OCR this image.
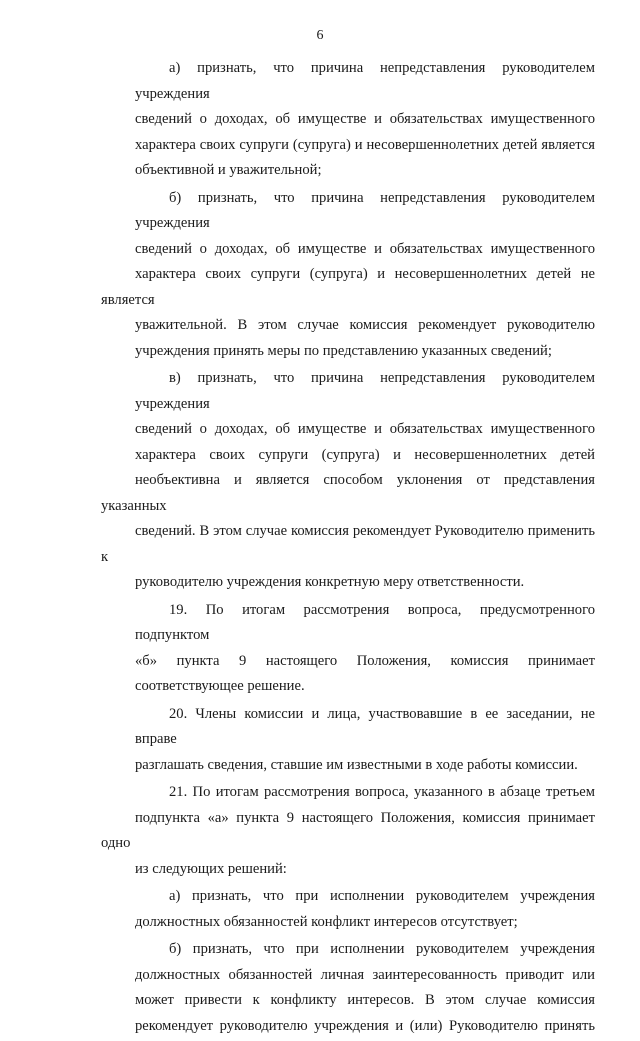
6
а) признать, что причина непредставления руководителем учреждения
сведений о доходах, об имуществе и обязательствах имущественного
характера своих супруги (супруга) и несовершеннолетних детей является
объективной и уважительной;
б) признать, что причина непредставления руководителем учреждения
сведений о доходах, об имуществе и обязательствах имущественного
характера своих супруги (супруга) и несовершеннолетних детей не является
уважительной. В этом случае комиссия рекомендует руководителю
учреждения принять меры по представлению указанных сведений;
в) признать, что причина непредставления руководителем учреждения
сведений о доходах, об имуществе и обязательствах имущественного
характера своих супруги (супруга) и несовершеннолетних детей
необъективна и является способом уклонения от представления указанных
сведений. В этом случае комиссия рекомендует Руководителю применить к
руководителю учреждения конкретную меру ответственности.
19. По итогам рассмотрения вопроса, предусмотренного подпунктом
«б» пункта 9 настоящего Положения, комиссия принимает
соответствующее решение.
20. Члены комиссии и лица, участвовавшие в ее заседании, не вправе
разглашать сведения, ставшие им известными в ходе работы комиссии.
21. По итогам рассмотрения вопроса, указанного в абзаце третьем
подпункта «а» пункта 9 настоящего Положения, комиссия принимает одно
из следующих решений:
а) признать, что при исполнении руководителем учреждения
должностных обязанностей конфликт интересов отсутствует;
б) признать, что при исполнении руководителем учреждения
должностных обязанностей личная заинтересованность приводит или
может привести к конфликту интересов. В этом случае комиссия
рекомендует руководителю учреждения и (или) Руководителю принять
